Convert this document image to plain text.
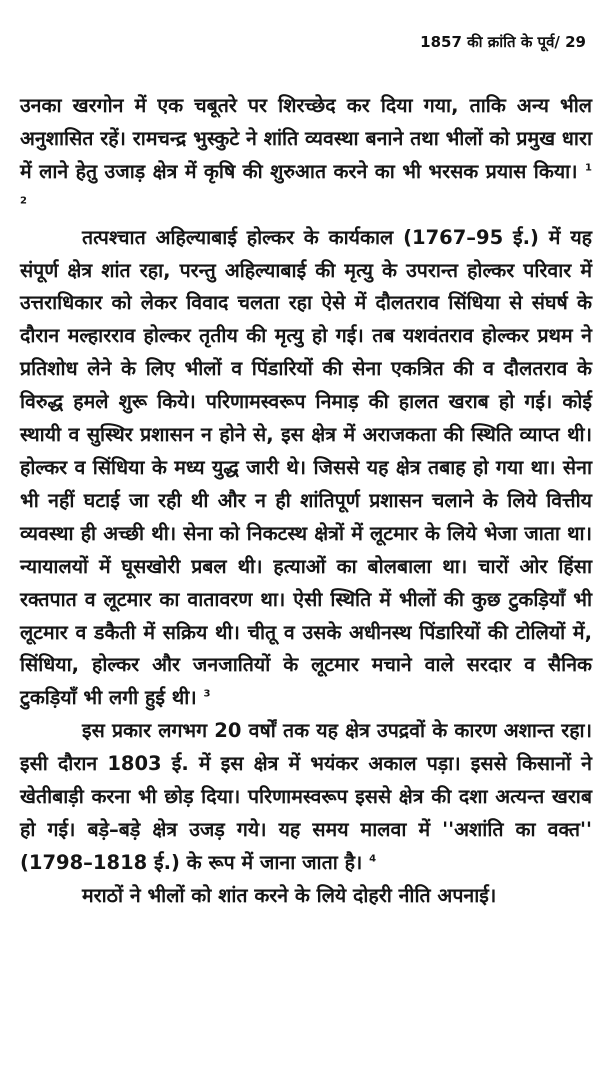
1857 की क्रांति के पूर्व/ 29

उनका खरगोन में एक चबूतरे पर शिरच्छेद कर दिया गया, ताकि अन्य भील अनुशासित रहें। रामचन्द्र भुस्कुटे ने शांति व्यवस्था बनाने तथा भीलों को प्रमुख धारा में लाने हेतु उजाड़ क्षेत्र में कृषि की शुरुआत करने का भी भरसक प्रयास किया। $^1$ $^2$

तत्पश्चात अहिल्याबाई होल्कर के कार्यकाल (1767–95 ई.) में यह संपूर्ण क्षेत्र शांत रहा, परन्तु अहिल्याबाई की मृत्यु के उपरान्त होल्कर परिवार में उत्तराधिकार को लेकर विवाद चलता रहा ऐसे में दौलतराव सिंधिया से संघर्ष के दौरान मल्हारराव होल्कर तृतीय की मृत्यु हो गई। तब यशवंतराव होल्कर प्रथम ने प्रतिशोध लेने के लिए भीलों व पिंडारियों की सेना एकत्रित की व दौलतराव के विरुद्ध हमले शुरू किये। परिणामस्वरूप निमाड़ की हालत खराब हो गई। कोई स्थायी व सुस्थिर प्रशासन न होने से, इस क्षेत्र में अराजकता की स्थिति व्याप्त थी। होल्कर व सिंधिया के मध्य युद्ध जारी थे। जिससे यह क्षेत्र तबाह हो गया था। सेना भी नहीं घटाई जा रही थी और न ही शांतिपूर्ण प्रशासन चलाने के लिये वित्तीय व्यवस्था ही अच्छी थी। सेना को निकटस्थ क्षेत्रों में लूटमार के लिये भेजा जाता था। न्यायालयों में घूसखोरी प्रबल थी। हत्याओं का बोलबाला था। चारों ओर हिंसा रक्तपात व लूटमार का वातावरण था। ऐसी स्थिति में भीलों की कुछ टुकड़ियाँ भी लूटमार व डकैती में सक्रिय थी। चीतू व उसके अधीनस्थ पिंडारियों की टोलियों में, सिंधिया, होल्कर और जनजातियों के लूटमार मचाने वाले सरदार व सैनिक टुकड़ियाँ भी लगी हुई थी। $^3$

इस प्रकार लगभग 20 वर्षों तक यह क्षेत्र उपद्रवों के कारण अशान्त रहा। इसी दौरान 1803 ई. में इस क्षेत्र में भयंकर अकाल पड़ा। इससे किसानों ने खेतीबाड़ी करना भी छोड़ दिया। परिणामस्वरूप इससे क्षेत्र की दशा अत्यन्त खराब हो गई। बड़े–बड़े क्षेत्र उजड़ गये। यह समय मालवा में ''अशांति का वक्त'' (1798–1818 ई.) के रूप में जाना जाता है। $^4$

मराठों ने भीलों को शांत करने के लिये दोहरी नीति अपनाई।
